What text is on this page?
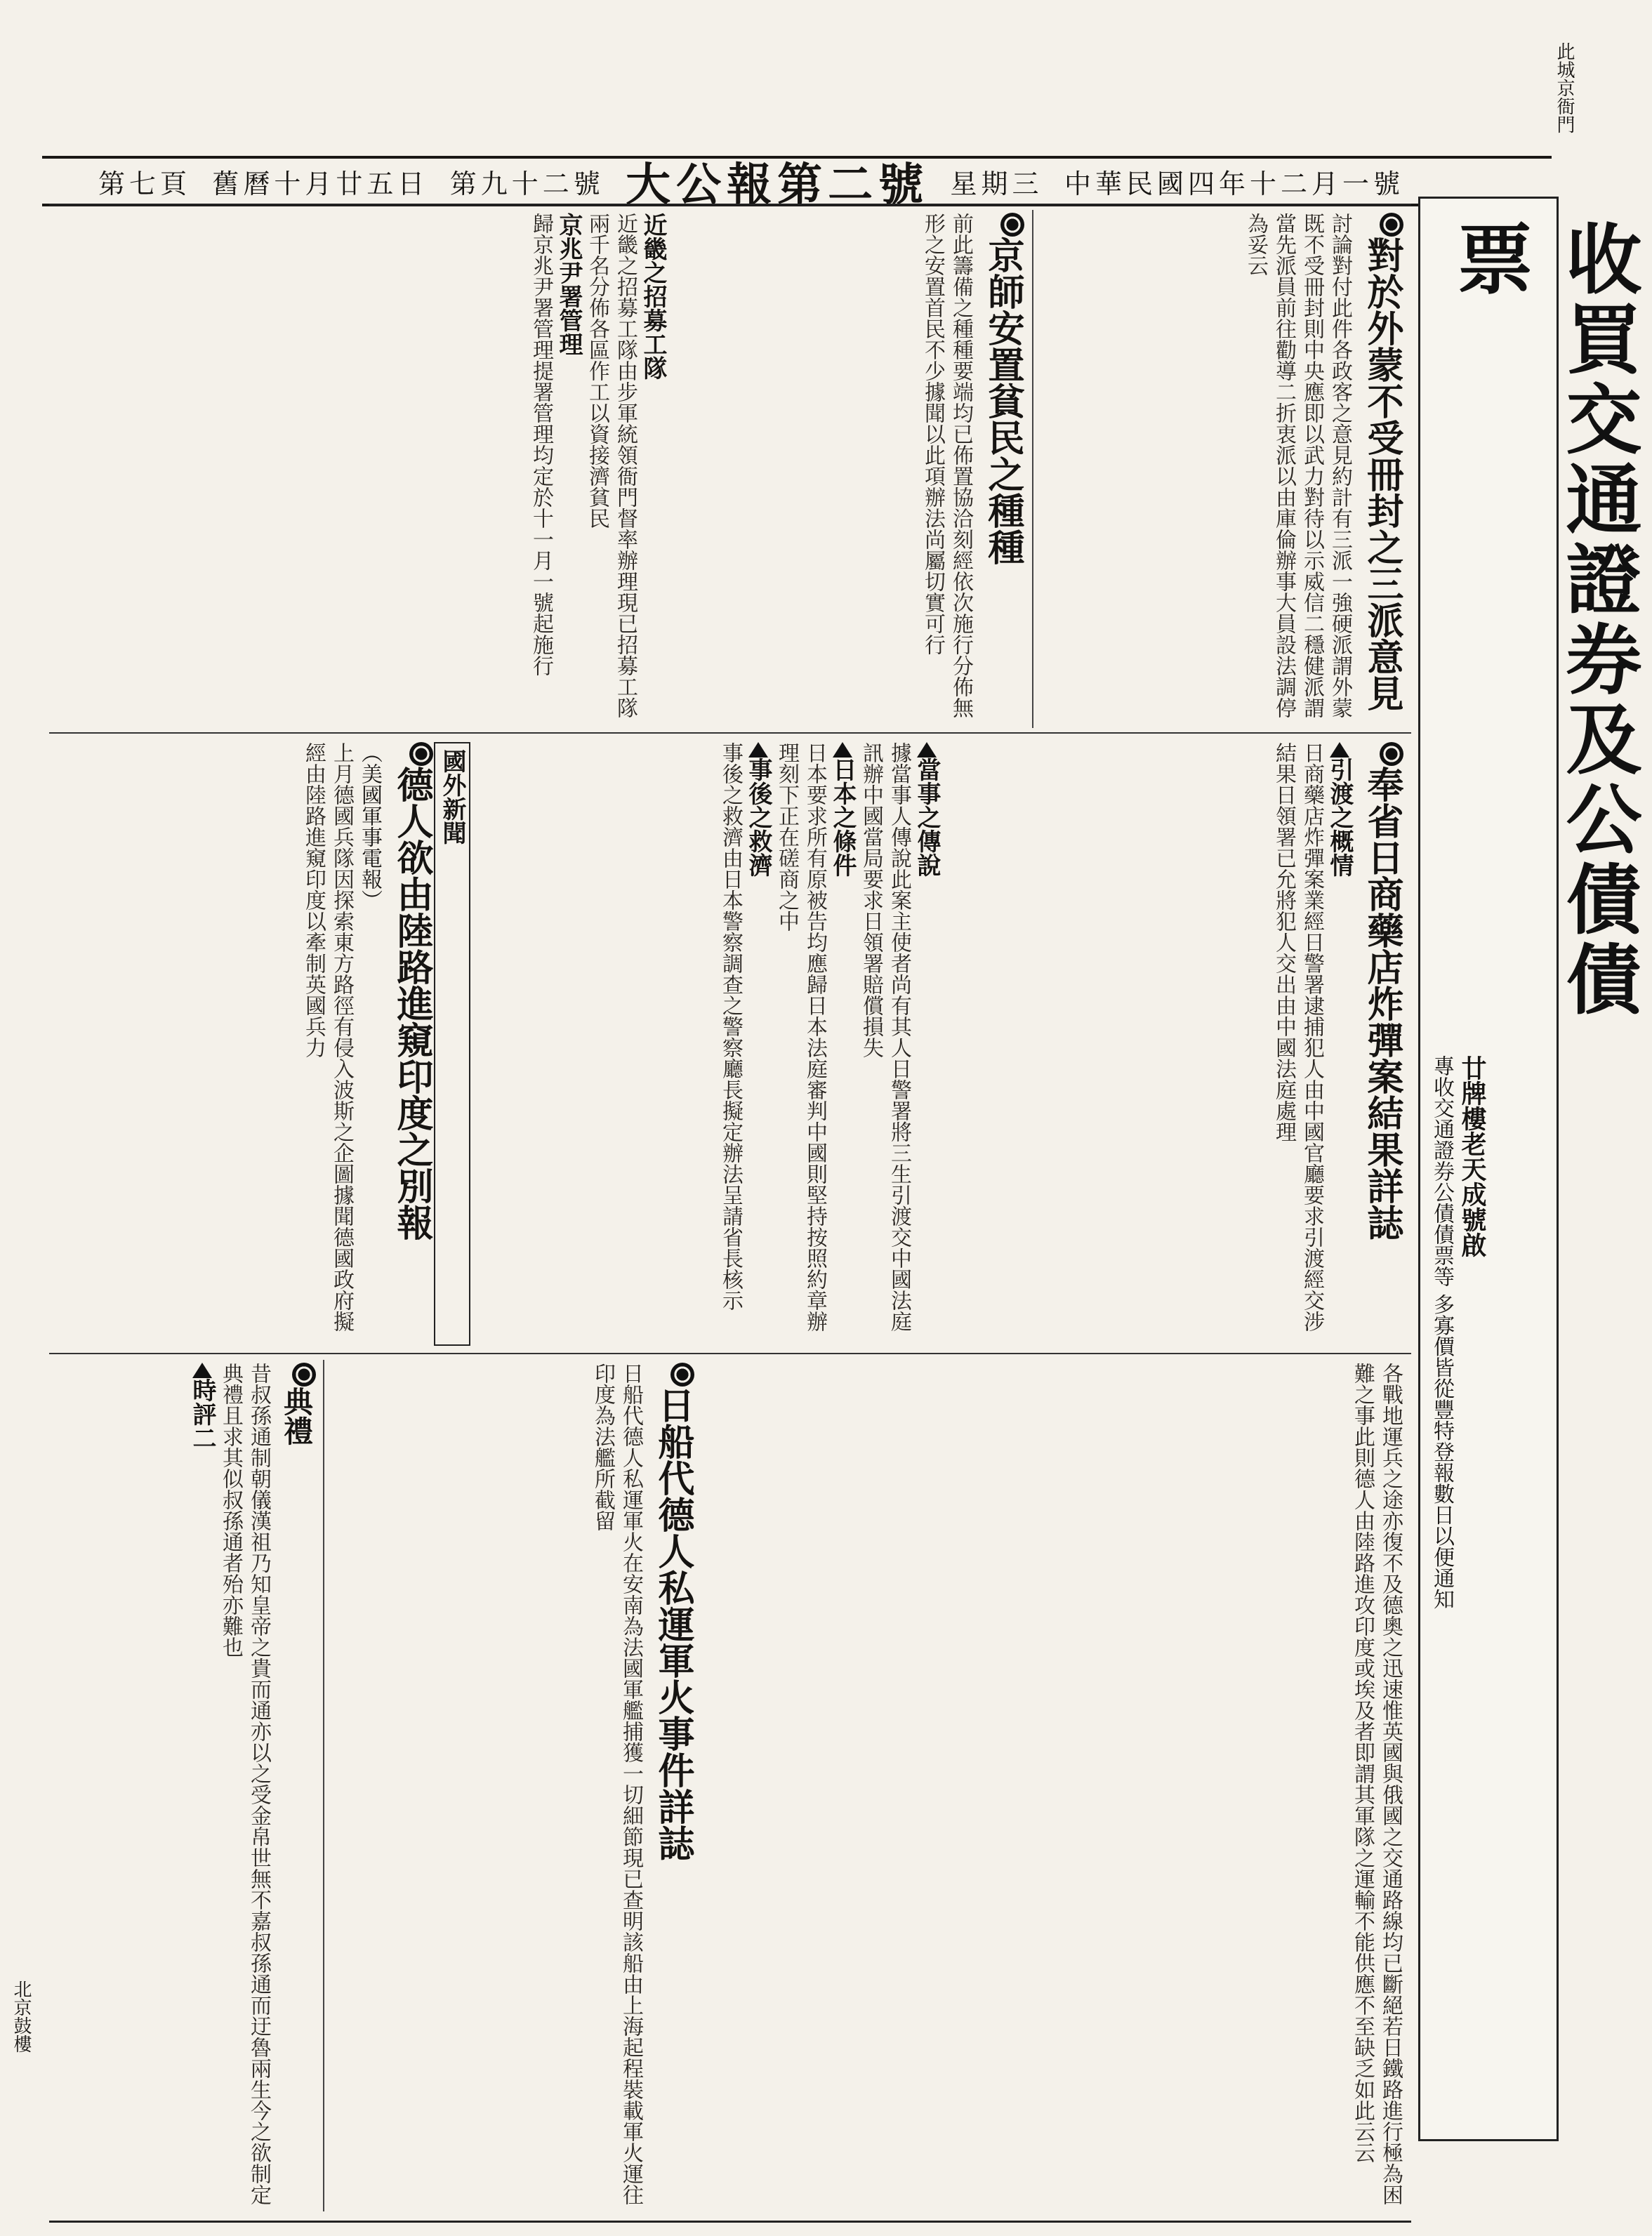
第七頁 舊曆十月廿五日 第九十二號 大公報第二號 星期三 中華民國四年十二月一號
收買交通證券及公債債票
廿牌樓老天成號啟
專收交通證券公債債票等 多寡價皆從豐特登報數日以便通知
對於外蒙不受冊封之三派意見
討論對付此件各政客之意見約計有三派一強硬派謂外蒙既不受冊封則中央應即以武力對待以示威信二穩健派謂當先派員前往勸導二折衷派以由庫倫辦事大員設法調停為妥云
京師安置貧民之種種
前此籌備之種種要端均已佈置協洽刻經依次施行分佈無形之安置首民不少據聞以此項辦法尚屬切實可行
近畿之招募工隊
近畿之招募工隊由步軍統領衙門督率辦理現已招募工隊兩千名分佈各區作工以資接濟貧民
京兆尹署管理
歸京兆尹署管理提署管理均定於十一月一號起施行
奉省日商藥店炸彈案結果詳誌
引渡之概情
日商藥店炸彈案業經日警署逮捕犯人由中國官廳要求引渡經交涉結果日領署已允將犯人交出由中國法庭處理
當事之傳說
據當事人傳說此案主使者尚有其人日警署將三生引渡交中國法庭訊辦中國當局要求日領署賠償損失
日本之條件
日本要求所有原被告均應歸日本法庭審判中國則堅持按照約章辦理刻下正在磋商之中
事後之救濟
事後之救濟由日本警察調查之警察廳長擬定辦法呈請省長核示
國外新聞
德人欲由陸路進窺印度之別報
（美國軍事電報）
上月德國兵隊因探索東方路徑有侵入波斯之企圖據聞德國政府擬經由陸路進窺印度以牽制英國兵力
各戰地運兵之途亦復不及德奧之迅速惟英國與俄國之交通路線均已斷絕若日鐵路進行極為困難之事此則德人由陸路進攻印度或埃及者即謂其軍隊之運輸不能供應不至缺乏如此云云
日船代德人私運軍火事件詳誌
日船代德人私運軍火在安南為法國軍艦捕獲一切細節現已查明該船由上海起程裝載軍火運往印度為法艦所截留
典禮
昔叔孫通制朝儀漢祖乃知皇帝之貴而通亦以之受金帛世無不嘉叔孫通而迂魯兩生今之欲制定典禮且求其似叔孫通者殆亦難也
時評二
北京鼓樓
此城京衙門
